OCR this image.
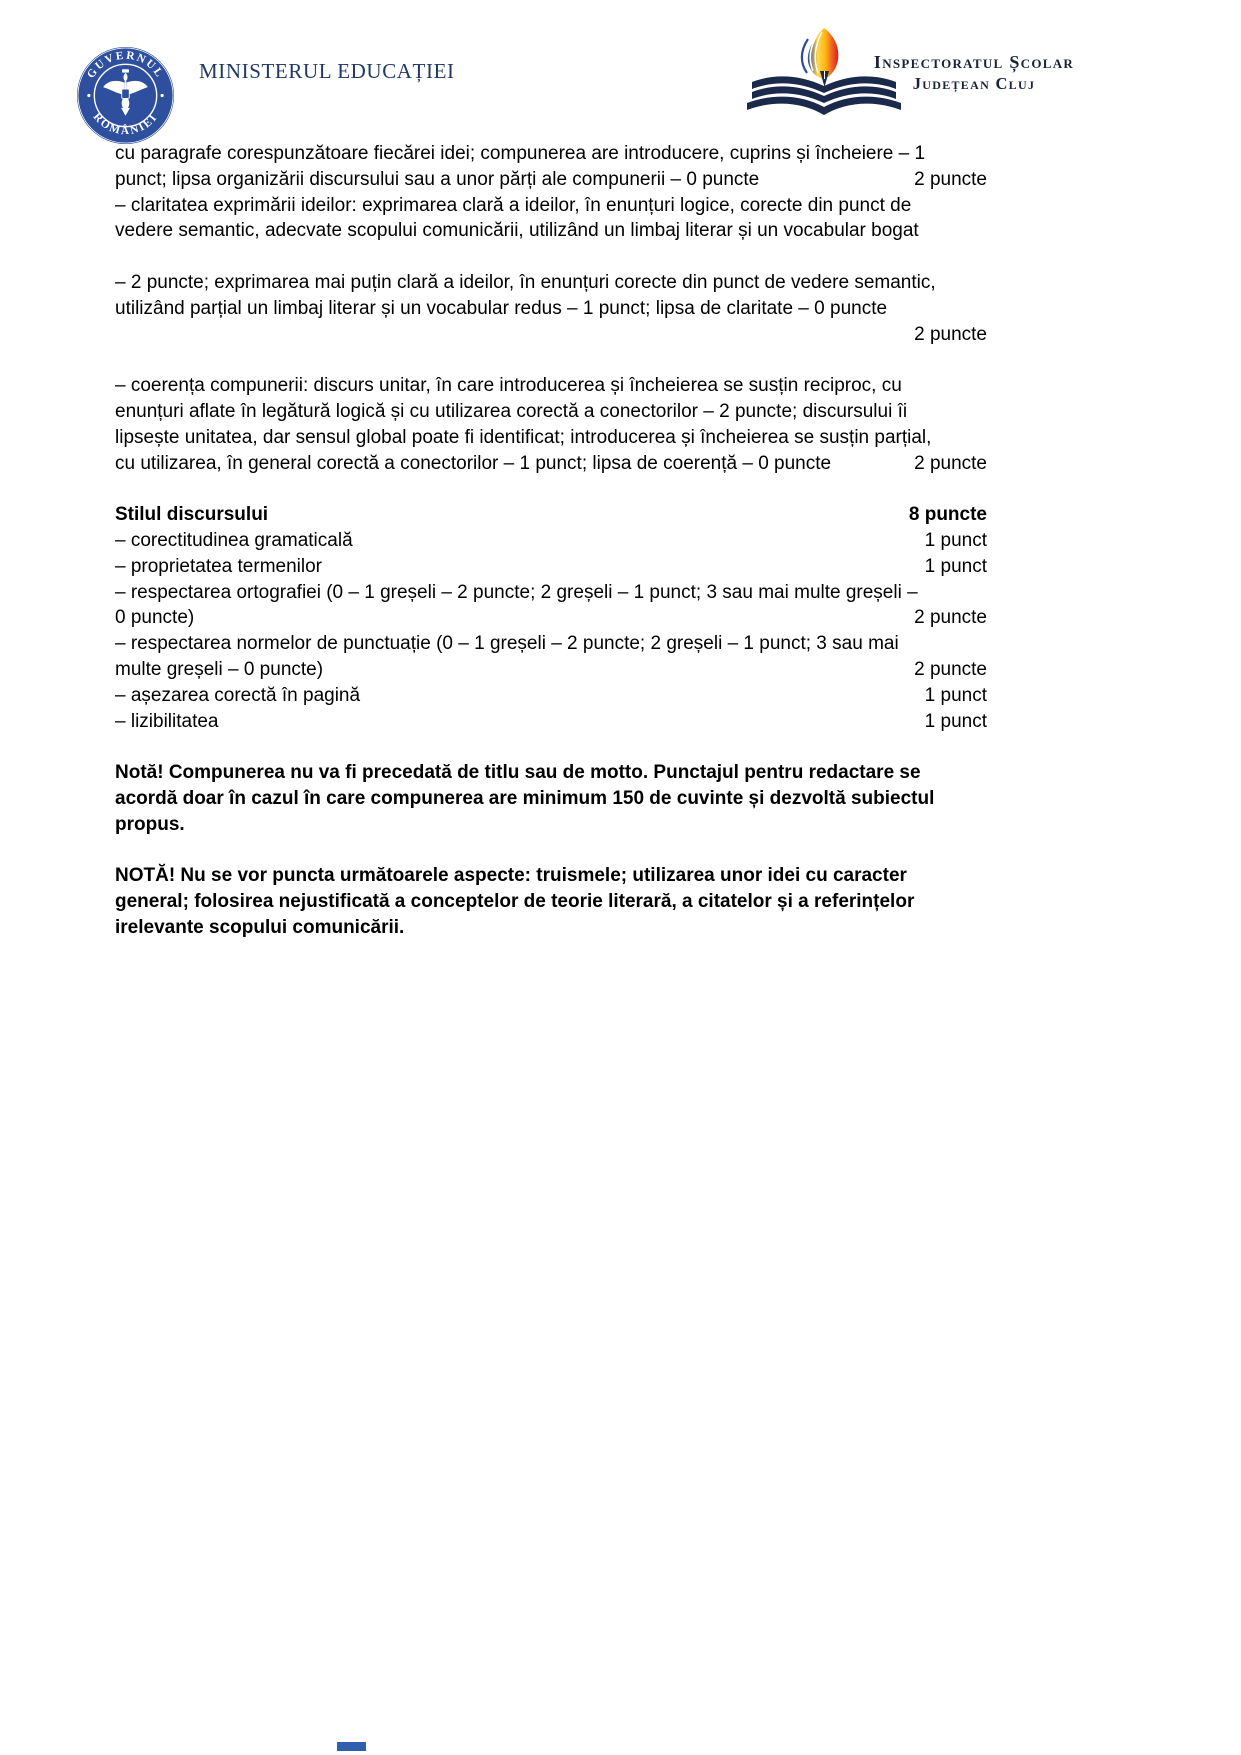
GUVERNUL
ROMÂNIEI
MINISTERUL EDUCAȚIEI	Inspectoratul Școlar
Județean Cluj
cu paragrafe corespunzătoare fiecărei idei; compunerea are introducere, cuprins și încheiere – 1
punct; lipsa organizării discursului sau a unor părți ale compunerii – 0 puncte	2 puncte
– claritatea exprimării ideilor: exprimarea clară a ideilor, în enunțuri logice, corecte din punct de
vedere semantic, adecvate scopului comunicării, utilizând un limbaj literar și un vocabular bogat
– 2 puncte; exprimarea mai puțin clară a ideilor, în enunțuri corecte din punct de vedere semantic,
utilizând parțial un limbaj literar și un vocabular redus – 1 punct; lipsa de claritate – 0 puncte
2 puncte
– coerența compunerii: discurs unitar, în care introducerea și încheierea se susțin reciproc, cu
enunțuri aflate în legătură logică și cu utilizarea corectă a conectorilor – 2 puncte; discursului îi
lipsește unitatea, dar sensul global poate fi identificat; introducerea și încheierea se susțin parțial,
cu utilizarea, în general corectă a conectorilor – 1 punct; lipsa de coerență – 0 puncte	2 puncte
Stilul discursului	8 puncte
– corectitudinea gramaticală	1 punct
– proprietatea termenilor	1 punct
– respectarea ortografiei (0 – 1 greșeli – 2 puncte; 2 greșeli – 1 punct; 3 sau mai multe greșeli –
0 puncte)	2 puncte
– respectarea normelor de punctuație (0 – 1 greșeli – 2 puncte; 2 greșeli – 1 punct; 3 sau mai
multe greșeli – 0 puncte)	2 puncte
– așezarea corectă în pagină	1 punct
– lizibilitatea	1 punct
Notă! Compunerea nu va fi precedată de titlu sau de motto. Punctajul pentru redactare se
acordă doar în cazul în care compunerea are minimum 150 de cuvinte și dezvoltă subiectul
propus.
NOTĂ! Nu se vor puncta următoarele aspecte: truismele; utilizarea unor idei cu caracter
general; folosirea nejustificată a conceptelor de teorie literară, a citatelor și a referințelor
irelevante scopului comunicării.
